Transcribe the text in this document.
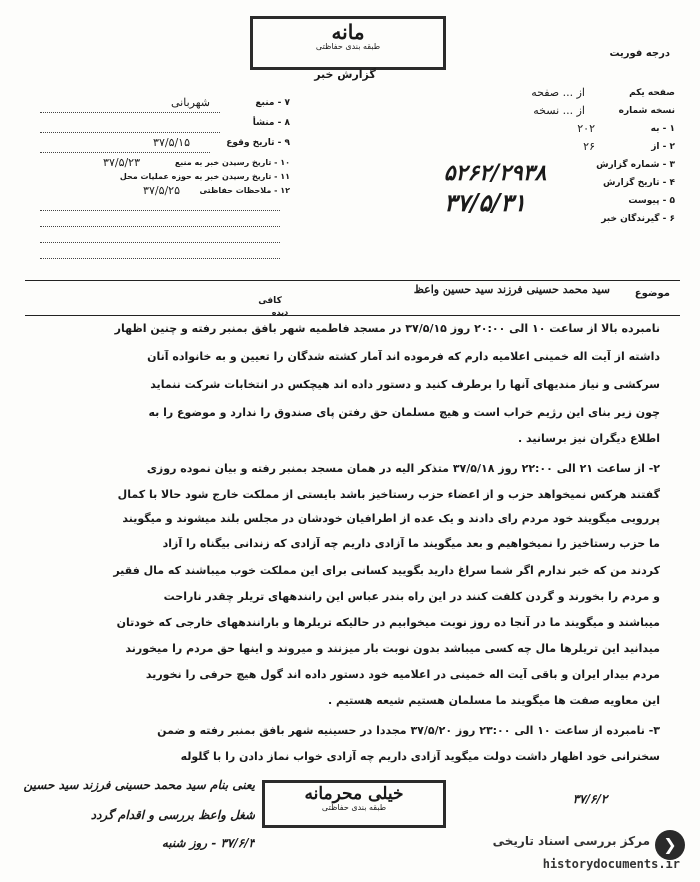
مانه
طبقه بندی حفاظتی
گزارش خبر
درجه فوریت
۷ - منبع
شهربانی
۸ - منشأ
۹ - تاریخ وقوع
۳۷/۵/۱۵
۱۰ - تاریخ رسیدن خبر به منبع
۳۷/۵/۲۳
۱۱ - تاریخ رسیدن خبر به حوزه عملیات محل
۱۲ - ملاحظات حفاظتی
۳۷/۵/۲۵
صفحه یکم
از ... صفحه
نسخه شماره
از ... نسخه
۱ - به
۲۰۲
۲ - از
۲۶
۳ - شماره گزارش
۴ - تاریخ گزارش
۵ - پیوست
۶ - گیرندگان خبر
۵۲۶۲/۲۹۳۸
۳۷/۵/۳۱
موضوع
سید محمد حسینی فرزند سید حسین واعظ
کافی
دیده
نامبرده بالا از ساعت ۱۰ الی ۲۰:۰۰ روز ۳۷/۵/۱۵ در مسجد فاطمیه شهر بافق بمنبر رفته و چنین اظهار
داشته از آیت اله خمینی اعلامیه دارم که فرموده اند آمار کشته شدگان را تعیین و به خانواده آنان
سرکشی و نیاز مندیهای آنها را برطرف کنید و دستور داده اند هیچکس در انتخابات شرکت ننماید
چون زیر بنای این رژیم خراب است و هیچ مسلمان حق رفتن پای صندوق را ندارد و موضوع را به
اطلاع دیگران نیز برسانید .
۲- از ساعت ۲۱ الی ۲۲:۰۰ روز ۳۷/۵/۱۸ متذکر الیه در همان مسجد بمنبر رفته و بیان نموده روزی
گفتند هرکس نمیخواهد حزب و از اعضاء حزب رستاخیز باشد بایستی از مملکت خارج شود حالا با کمال
پررویی میگویند خود مردم رای دادند و یک عده از اطرافیان خودشان در مجلس بلند میشوند و میگویند
ما حزب رستاخیز را نمیخواهیم و بعد میگویند ما آزادی داریم چه آزادی که زندانی بیگناه را آزاد
کردند من که خبر ندارم اگر شما سراغ دارید بگویید کسانی برای این مملکت خوب میباشند که مال فقیر
و مردم را بخورند و گردن کلفت کنند در این راه بندر عباس این رانندههای تریلر چقدر ناراحت
میباشند و میگویند ما در آنجا ده روز نوبت میخوابیم در حالیکه تریلرها و بارانندههای خارجی که خودتان
میدانید این تریلرها مال چه کسی میباشد بدون نوبت بار میزنند و میروند و اینها حق مردم را میخورند
مردم بیدار ایران و باقی آیت اله خمینی در اعلامیه خود دستور داده اند گول هیچ حرفی را نخورید
این معاویه صفت ها میگویند ما مسلمان هستیم شیعه هستیم .
۳- نامبرده از ساعت ۱۰ الی ۲۳:۰۰ روز ۳۷/۵/۲۰ مجددا در حسینیه شهر بافق بمنبر رفته و ضمن
سخنرانی خود اظهار داشت دولت میگوید آزادی داریم چه آزادی خواب نماز دادن را با گلوله
یعنی بنام سید محمد حسینی فرزند سید حسین
شغل واعظ بررسی و اقدام گردد
۳۷/۶/۳ - روز شنبه
۳۷/۶/۲
خیلی محرمانه
طبقه بندی حفاظتی
❯
مرکز بررسی اسناد تاریخی
historydocuments.ir
